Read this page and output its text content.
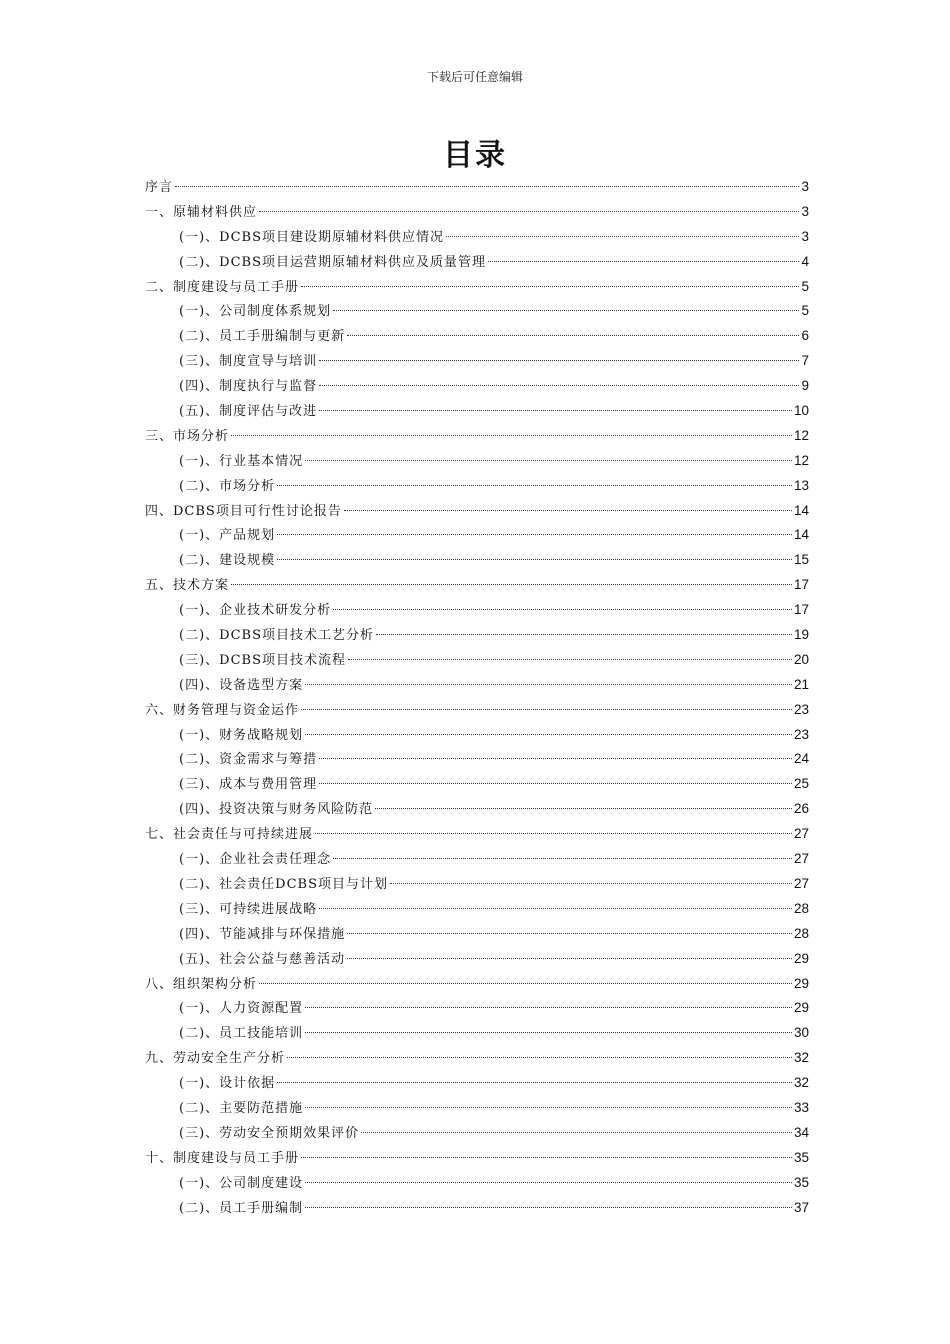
下载后可任意编辑
目录
序言	3
一、原辅材料供应	3
(一)、DCBS项目建设期原辅材料供应情况	3
(二)、DCBS项目运营期原辅材料供应及质量管理	4
二、制度建设与员工手册	5
(一)、公司制度体系规划	5
(二)、员工手册编制与更新	6
(三)、制度宣导与培训	7
(四)、制度执行与监督	9
(五)、制度评估与改进	10
三、市场分析	12
(一)、行业基本情况	12
(二)、市场分析	13
四、DCBS项目可行性讨论报告	14
(一)、产品规划	14
(二)、建设规模	15
五、技术方案	17
(一)、企业技术研发分析	17
(二)、DCBS项目技术工艺分析	19
(三)、DCBS项目技术流程	20
(四)、设备选型方案	21
六、财务管理与资金运作	23
(一)、财务战略规划	23
(二)、资金需求与筹措	24
(三)、成本与费用管理	25
(四)、投资决策与财务风险防范	26
七、社会责任与可持续进展	27
(一)、企业社会责任理念	27
(二)、社会责任DCBS项目与计划	27
(三)、可持续进展战略	28
(四)、节能减排与环保措施	28
(五)、社会公益与慈善活动	29
八、组织架构分析	29
(一)、人力资源配置	29
(二)、员工技能培训	30
九、劳动安全生产分析	32
(一)、设计依据	32
(二)、主要防范措施	33
(三)、劳动安全预期效果评价	34
十、制度建设与员工手册	35
(一)、公司制度建设	35
(二)、员工手册编制	37
